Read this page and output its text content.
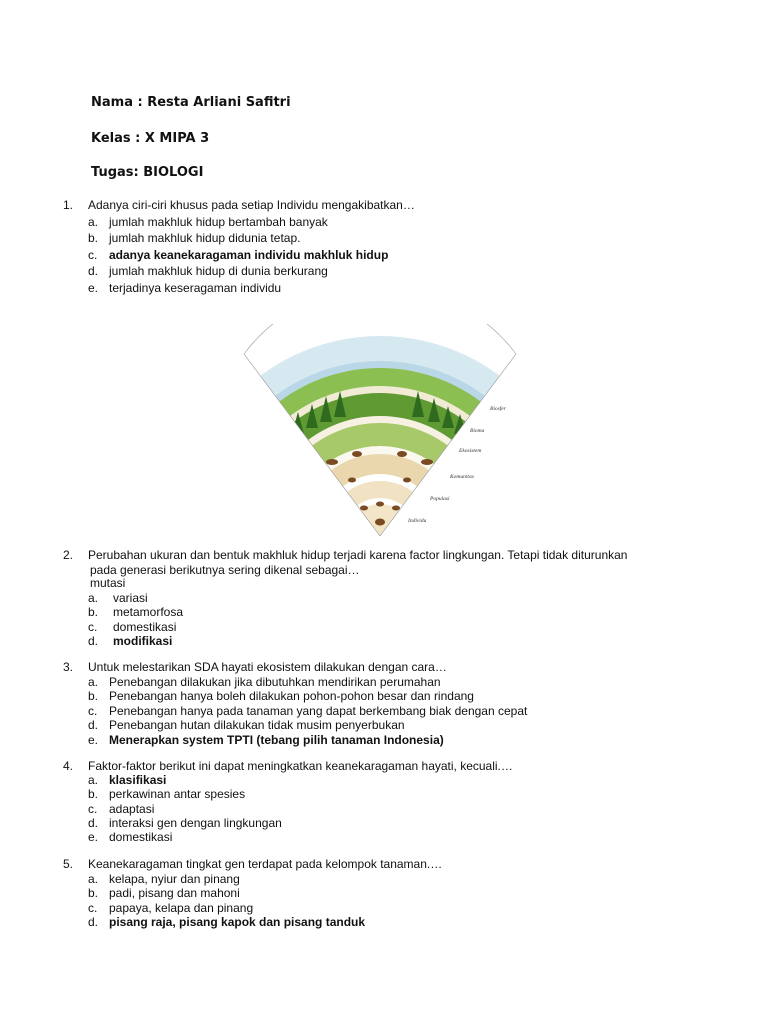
Nama : Resta Arliani Safitri
Kelas : X MIPA 3
Tugas: BIOLOGI
1.	Adanya ciri-ciri khusus pada setiap Individu mengakibatkan…
a. jumlah makhluk hidup bertambah banyak
b. jumlah makhluk hidup didunia tetap.
c. adanya keanekaragaman individu makhluk hidup
d. jumlah makhluk hidup di dunia berkurang
e. terjadinya keseragaman individu
Biosfer
Bioma
Ekosistem
Komunitas
Populasi
Individu
2.	Perubahan ukuran dan bentuk makhluk hidup terjadi karena factor lingkungan. Tetapi tidak diturunkan
pada generasi berikutnya sering dikenal sebagai…
mutasi
a. variasi
b. metamorfosa
c. domestikasi
d. modifikasi
3.	Untuk melestarikan SDA hayati ekosistem dilakukan dengan cara…
a. Penebangan dilakukan jika dibutuhkan mendirikan perumahan
b. Penebangan hanya boleh dilakukan pohon-pohon besar dan rindang
c. Penebangan hanya pada tanaman yang dapat berkembang biak dengan cepat
d. Penebangan hutan dilakukan tidak musim penyerbukan
e. Menerapkan system TPTI (tebang pilih tanaman Indonesia)
4.	Faktor-faktor berikut ini dapat meningkatkan keanekaragaman hayati, kecuali.…
a. klasifikasi
b. perkawinan antar spesies
c. adaptasi
d. interaksi gen dengan lingkungan
e. domestikasi
5.	Keanekaragaman tingkat gen terdapat pada kelompok tanaman.…
a. kelapa, nyiur dan pinang
b. padi, pisang dan mahoni
c. papaya, kelapa dan pinang
d. pisang raja, pisang kapok dan pisang tanduk
